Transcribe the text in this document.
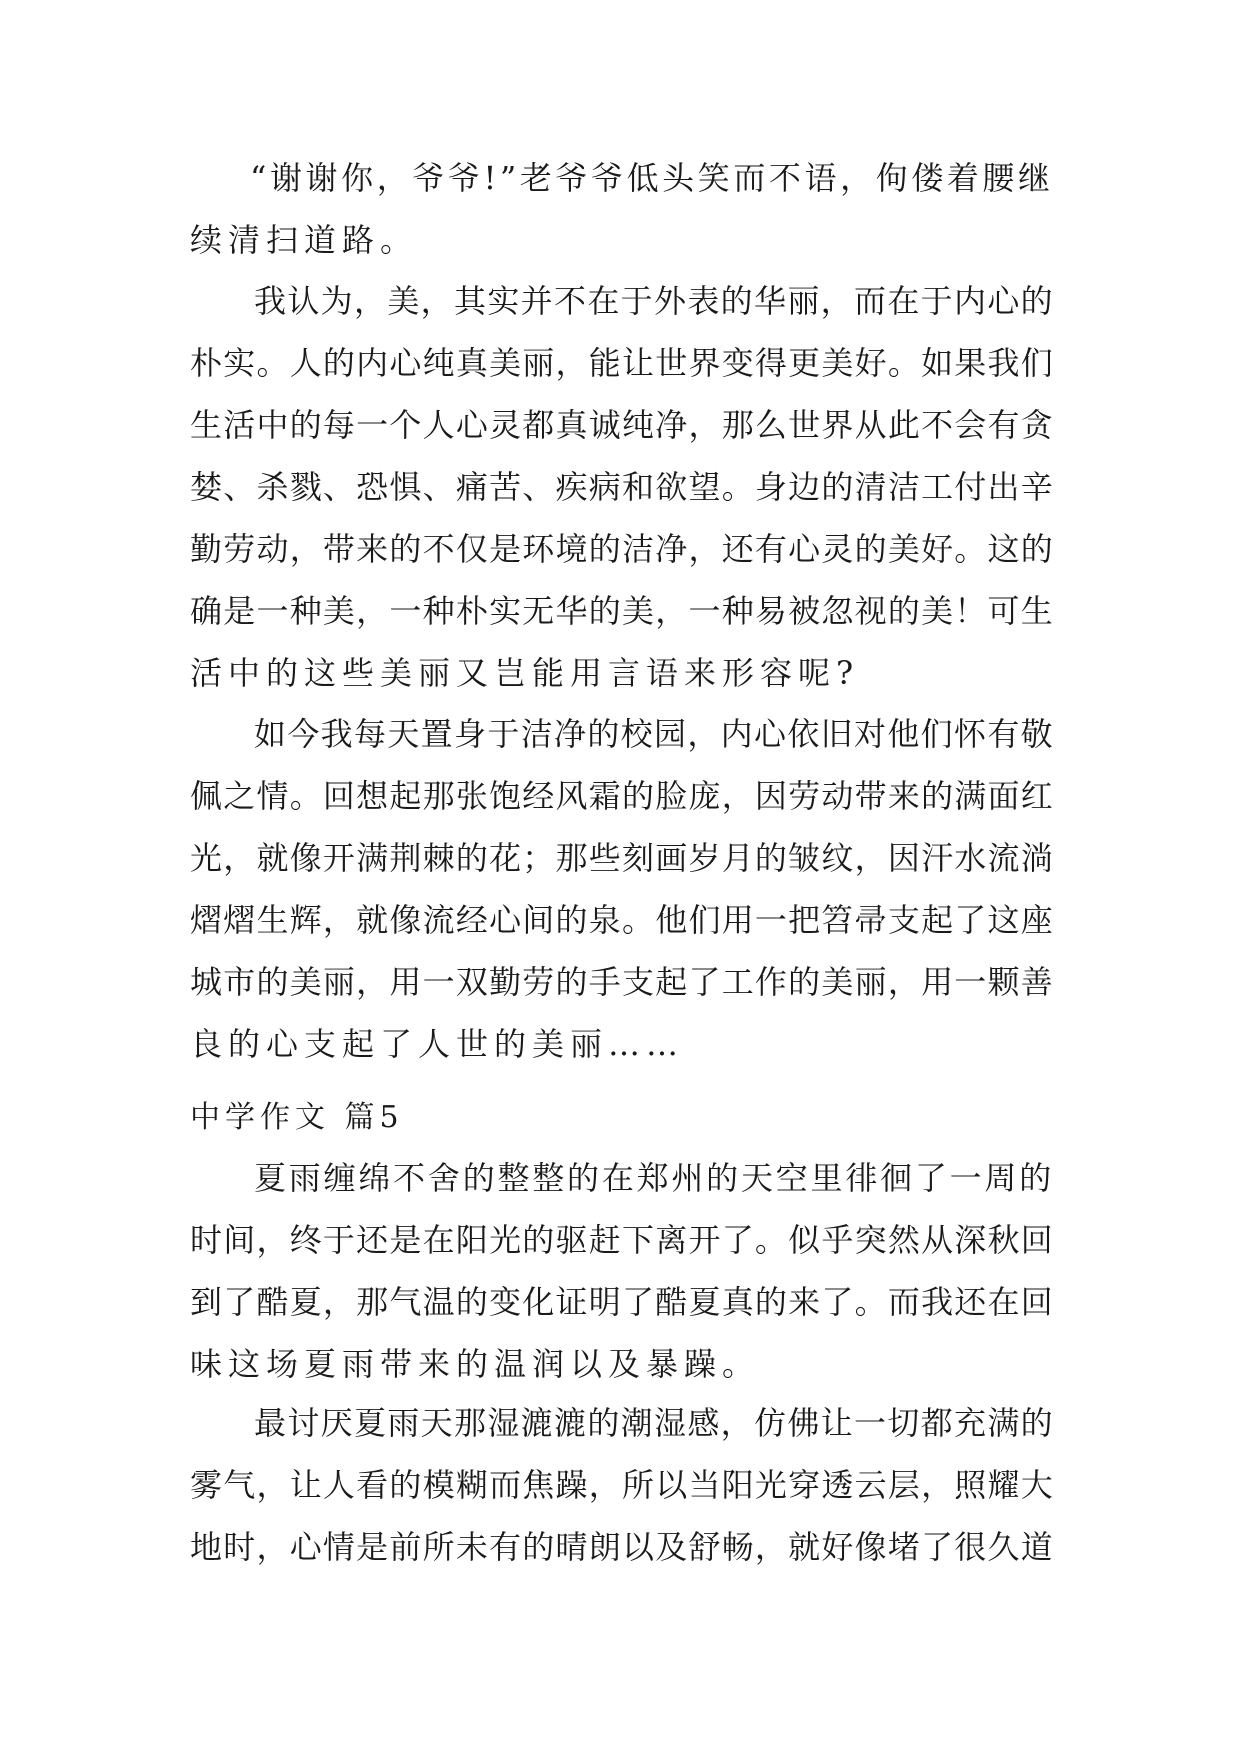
“谢谢你，爷爷!”老爷爷低头笑而不语，佝偻着腰继
续清扫道路。
我认为，美，其实并不在于外表的华丽，而在于内心的
朴实。人的内心纯真美丽，能让世界变得更美好。如果我们
生活中的每一个人心灵都真诚纯净，那么世界从此不会有贪
婪、杀戮、恐惧、痛苦、疾病和欲望。身边的清洁工付出辛
勤劳动，带来的不仅是环境的洁净，还有心灵的美好。这的
确是一种美，一种朴实无华的美，一种易被忽视的美！可生
活中的这些美丽又岂能用言语来形容呢?
如今我每天置身于洁净的校园，内心依旧对他们怀有敬
佩之情。回想起那张饱经风霜的脸庞，因劳动带来的满面红
光，就像开满荆棘的花；那些刻画岁月的皱纹，因汗水流淌
熠熠生辉，就像流经心间的泉。他们用一把笤帚支起了这座
城市的美丽，用一双勤劳的手支起了工作的美丽，用一颗善
良的心支起了人世的美丽……
中学作文 篇5
夏雨缠绵不舍的整整的在郑州的天空里徘徊了一周的
时间，终于还是在阳光的驱赶下离开了。似乎突然从深秋回
到了酷夏，那气温的变化证明了酷夏真的来了。而我还在回
味这场夏雨带来的温润以及暴躁。
最讨厌夏雨天那湿漉漉的潮湿感，仿佛让一切都充满的
雾气，让人看的模糊而焦躁，所以当阳光穿透云层，照耀大
地时，心情是前所未有的晴朗以及舒畅，就好像堵了很久道
